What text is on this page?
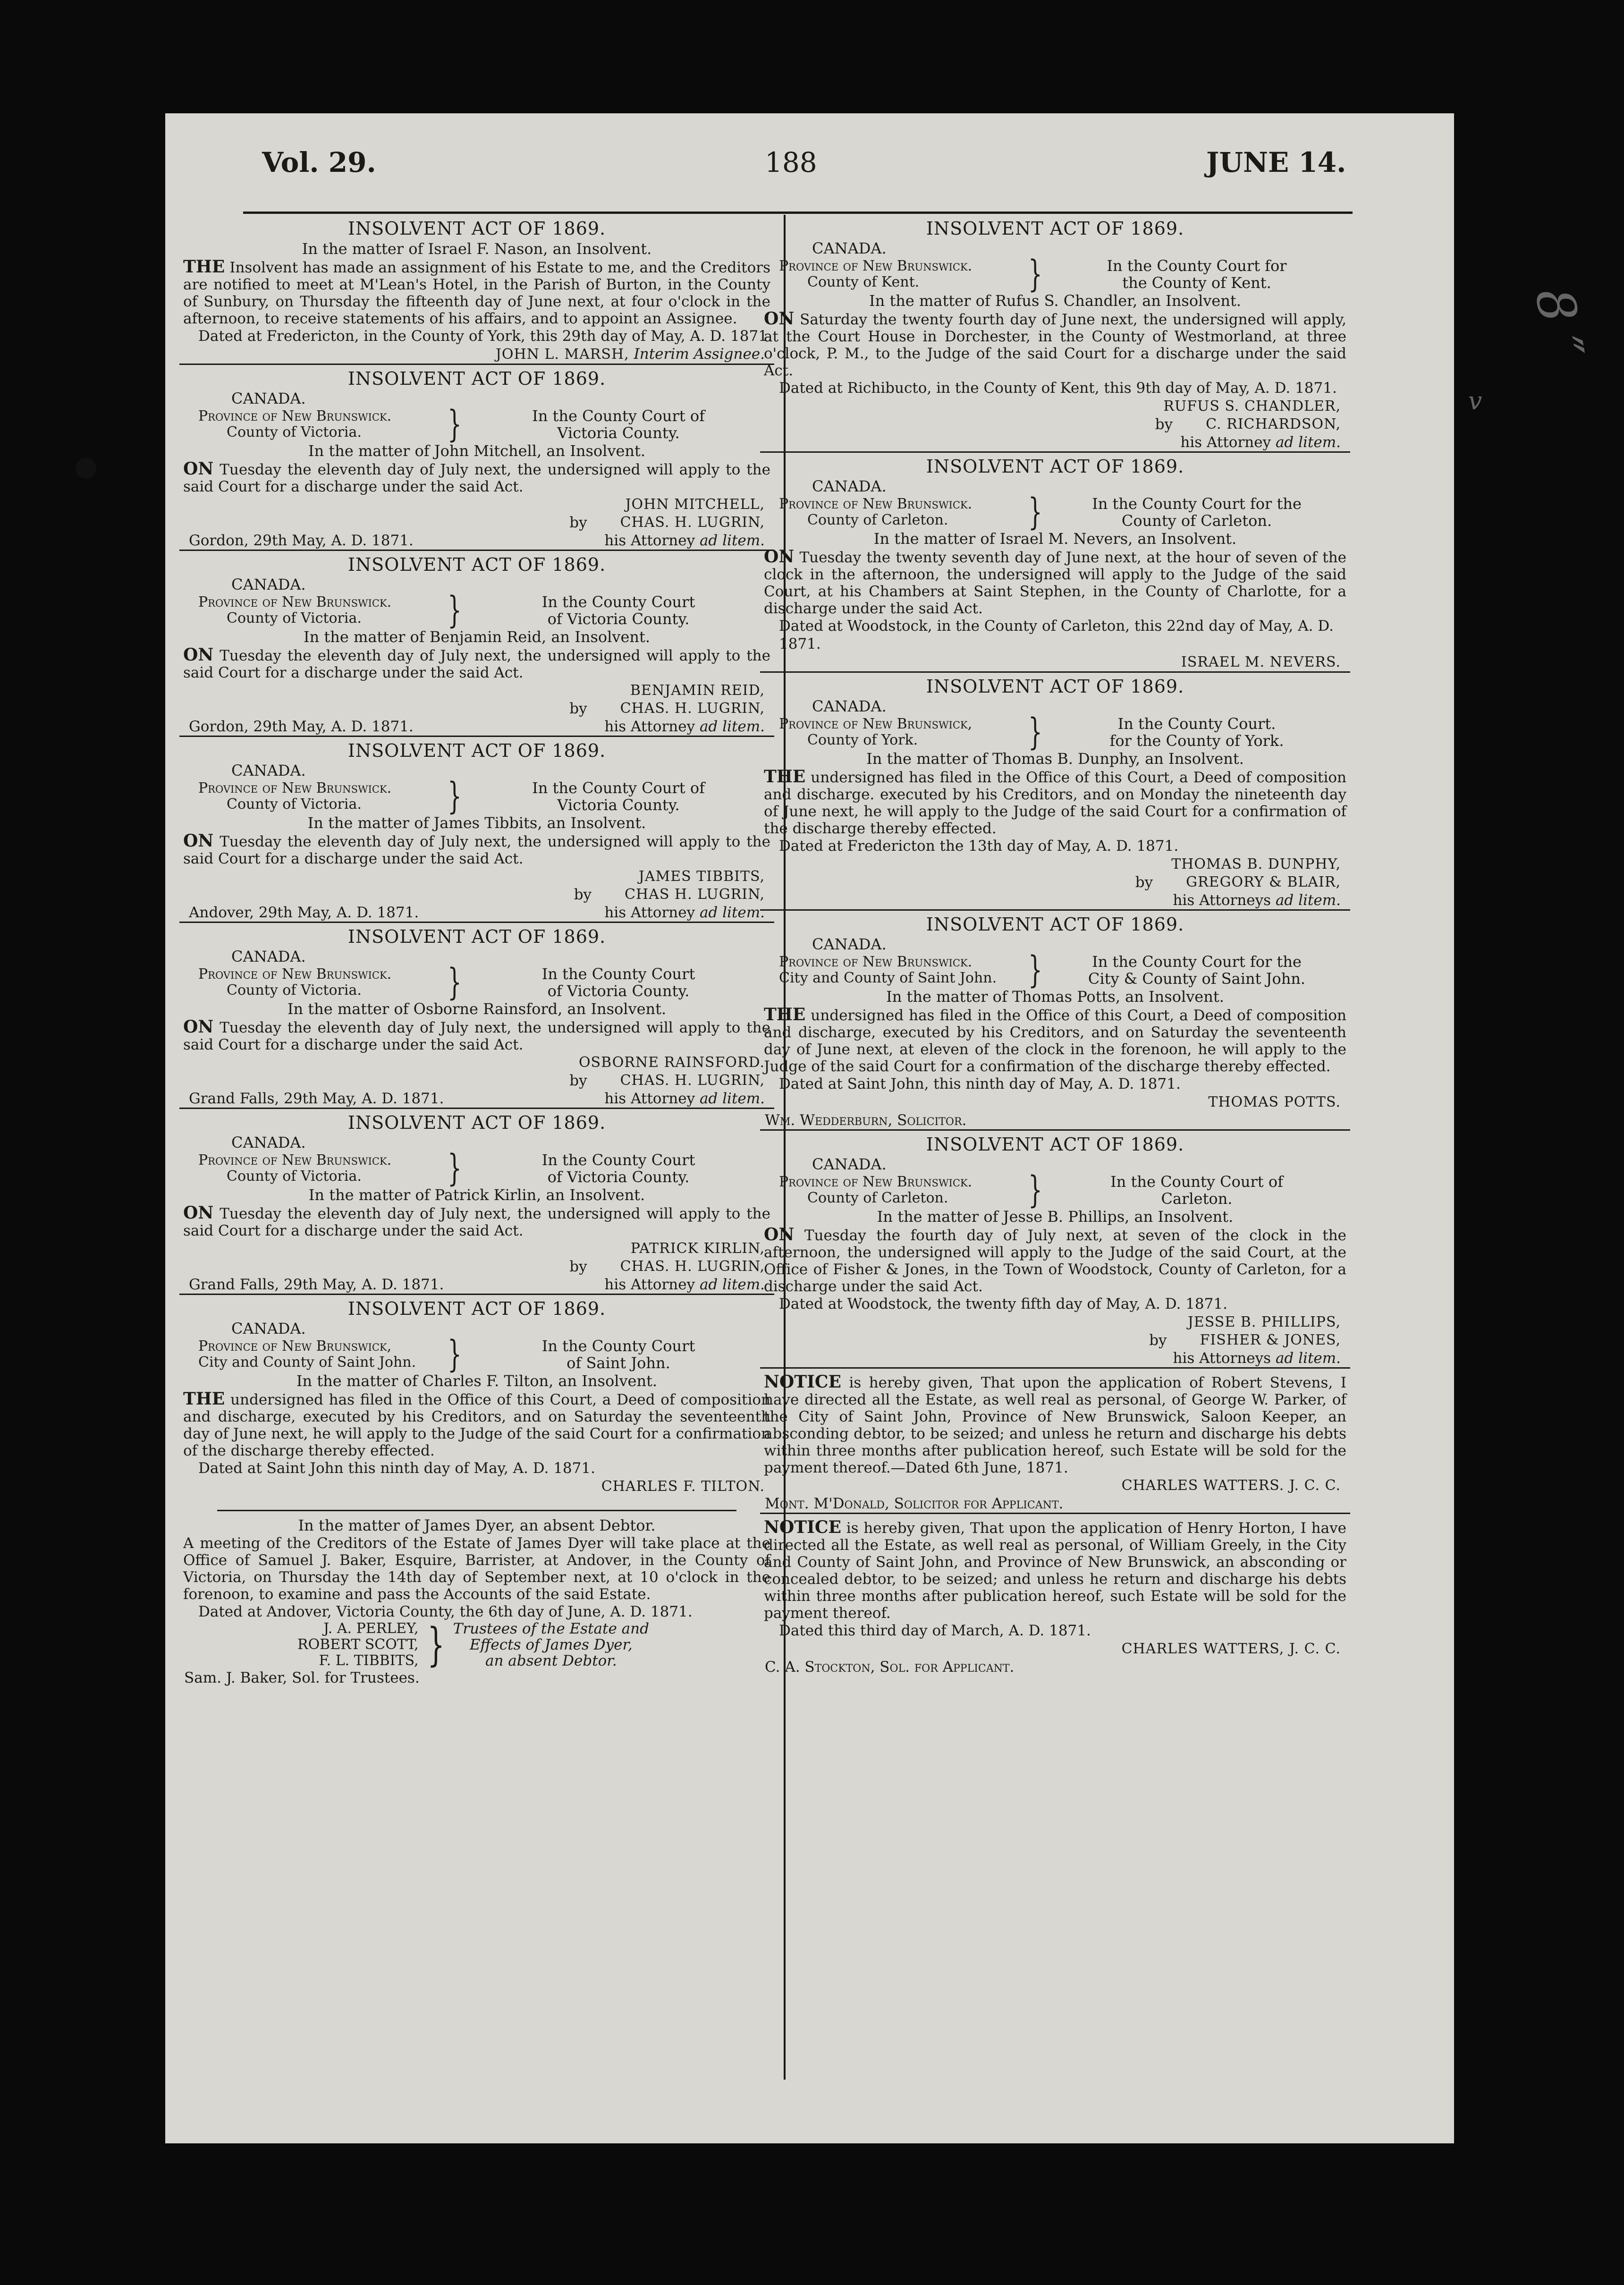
8 ″
v
Vol. 29.	188	JUNE 14.
INSOLVENT ACT OF 1869.
In the matter of Israel F. Nason, an Insolvent.
THE Insolvent has made an assignment of his Estate to me, and the Creditors are notified to meet at M'Lean's Hotel, in the Parish of Burton, in the County of Sunbury, on Thursday the fifteenth day of June next, at four o'clock in the afternoon, to receive statements of his affairs, and to appoint an Assignee.
Dated at Fredericton, in the County of York, this 29th day of May, A. D. 1871.
JOHN L. MARSH, Interim Assignee.
INSOLVENT ACT OF 1869.
CANADA.
Province of New Brunswick.
County of Victoria.	}	In the County Court of
Victoria County.
In the matter of John Mitchell, an Insolvent.
ON Tuesday the eleventh day of July next, the undersigned will apply to the said Court for a discharge under the said Act.
JOHN MITCHELL,
by CHAS. H. LUGRIN,
Gordon, 29th May, A. D. 1871.	his Attorney ad litem.
INSOLVENT ACT OF 1869.
CANADA.
Province of New Brunswick.
County of Victoria.	}	In the County Court
of Victoria County.
In the matter of Benjamin Reid, an Insolvent.
ON Tuesday the eleventh day of July next, the undersigned will apply to the said Court for a discharge under the said Act.
BENJAMIN REID,
by CHAS. H. LUGRIN,
Gordon, 29th May, A. D. 1871.	his Attorney ad litem.
INSOLVENT ACT OF 1869.
CANADA.
Province of New Brunswick.
County of Victoria.	}	In the County Court of
Victoria County.
In the matter of James Tibbits, an Insolvent.
ON Tuesday the eleventh day of July next, the undersigned will apply to the said Court for a discharge under the said Act.
JAMES TIBBITS,
by CHAS H. LUGRIN,
Andover, 29th May, A. D. 1871.	his Attorney ad litem.
INSOLVENT ACT OF 1869.
CANADA.
Province of New Brunswick.
County of Victoria.	}	In the County Court
of Victoria County.
In the matter of Osborne Rainsford, an Insolvent.
ON Tuesday the eleventh day of July next, the undersigned will apply to the said Court for a discharge under the said Act.
OSBORNE RAINSFORD.
by CHAS. H. LUGRIN,
Grand Falls, 29th May, A. D. 1871.	his Attorney ad litem.
INSOLVENT ACT OF 1869.
CANADA.
Province of New Brunswick.
County of Victoria.	}	In the County Court
of Victoria County.
In the matter of Patrick Kirlin, an Insolvent.
ON Tuesday the eleventh day of July next, the undersigned will apply to the said Court for a discharge under the said Act.
PATRICK KIRLIN,
by CHAS. H. LUGRIN,
Grand Falls, 29th May, A. D. 1871.	his Attorney ad litem.
INSOLVENT ACT OF 1869.
CANADA.
Province of New Brunswick,
City and County of Saint John. }	In the County Court
of Saint John.
In the matter of Charles F. Tilton, an Insolvent.
THE undersigned has filed in the Office of this Court, a Deed of composition and discharge, executed by his Creditors, and on Saturday the seventeenth day of June next, he will apply to the Judge of the said Court for a confirmation of the discharge thereby effected.
Dated at Saint John this ninth day of May, A. D. 1871.
CHARLES F. TILTON.
In the matter of James Dyer, an absent Debtor.
A meeting of the Creditors of the Estate of James Dyer will take place at the Office of Samuel J. Baker, Esquire, Barrister, at Andover, in the County of Victoria, on Thursday the 14th day of September next, at 10 o'clock in the forenoon, to examine and pass the Accounts of the said Estate.
Dated at Andover, Victoria County, the 6th day of June, A. D. 1871.
J. A. PERLEY,
ROBERT SCOTT,
F. L. TIBBITS, } Trustees of the Estate and
Effects of James Dyer,
an absent Debtor.
Sam. J. Baker, Sol. for Trustees.
INSOLVENT ACT OF 1869.
CANADA.
Province of New Brunswick.
County of Kent.	}	In the County Court for
the County of Kent.
In the matter of Rufus S. Chandler, an Insolvent.
ON Saturday the twenty fourth day of June next, the undersigned will apply, at the Court House in Dorchester, in the County of Westmorland, at three o'clock, P. M., to the Judge of the said Court for a discharge under the said Act.
Dated at Richibucto, in the County of Kent, this 9th day of May, A. D. 1871.
RUFUS S. CHANDLER,
by C. RICHARDSON,
his Attorney ad litem.
INSOLVENT ACT OF 1869.
CANADA.
Province of New Brunswick.
County of Carleton.	}	In the County Court for the
County of Carleton.
In the matter of Israel M. Nevers, an Insolvent.
ON Tuesday the twenty seventh day of June next, at the hour of seven of the clock in the afternoon, the undersigned will apply to the Judge of the said Court, at his Chambers at Saint Stephen, in the County of Charlotte, for a discharge under the said Act.
Dated at Woodstock, in the County of Carleton, this 22nd day of May, A. D. 1871.
ISRAEL M. NEVERS.
INSOLVENT ACT OF 1869.
CANADA.
Province of New Brunswick,
County of York.	}	In the County Court.
for the County of York.
In the matter of Thomas B. Dunphy, an Insolvent.
THE undersigned has filed in the Office of this Court, a Deed of composition and discharge. executed by his Creditors, and on Monday the nineteenth day of June next, he will apply to the Judge of the said Court for a confirmation of the discharge thereby effected.
Dated at Fredericton the 13th day of May, A. D. 1871.
THOMAS B. DUNPHY,
by GREGORY & BLAIR,
his Attorneys ad litem.
INSOLVENT ACT OF 1869.
CANADA.
Province of New Brunswick.
City and County of Saint John. }	In the County Court for the
City & County of Saint John.
In the matter of Thomas Potts, an Insolvent.
THE undersigned has filed in the Office of this Court, a Deed of composition and discharge, executed by his Creditors, and on Saturday the seventeenth day of June next, at eleven of the clock in the forenoon, he will apply to the Judge of the said Court for a confirmation of the discharge thereby effected.
Dated at Saint John, this ninth day of May, A. D. 1871.
THOMAS POTTS.
Wm. Wedderburn, Solicitor.
INSOLVENT ACT OF 1869.
CANADA.
Province of New Brunswick.
County of Carleton.	}	In the County Court of
Carleton.
In the matter of Jesse B. Phillips, an Insolvent.
ON Tuesday the fourth day of July next, at seven of the clock in the afternoon, the undersigned will apply to the Judge of the said Court, at the Office of Fisher & Jones, in the Town of Woodstock, County of Carleton, for a discharge under the said Act.
Dated at Woodstock, the twenty fifth day of May, A. D. 1871.
JESSE B. PHILLIPS,
by FISHER & JONES,
his Attorneys ad litem.
NOTICE is hereby given, That upon the application of Robert Stevens, I have directed all the Estate, as well real as personal, of George W. Parker, of the City of Saint John, Province of New Brunswick, Saloon Keeper, an absconding debtor, to be seized; and unless he return and discharge his debts within three months after publication hereof, such Estate will be sold for the payment thereof.—Dated 6th June, 1871.
CHARLES WATTERS. J. C. C.
Mont. M'Donald, Solicitor for Applicant.
NOTICE is hereby given, That upon the application of Henry Horton, I have directed all the Estate, as well real as personal, of William Greely, in the City and County of Saint John, and Province of New Brunswick, an absconding or concealed debtor, to be seized; and unless he return and discharge his debts within three months after publication hereof, such Estate will be sold for the payment thereof.
Dated this third day of March, A. D. 1871.
CHARLES WATTERS, J. C. C.
C. A. Stockton, Sol. for Applicant.
